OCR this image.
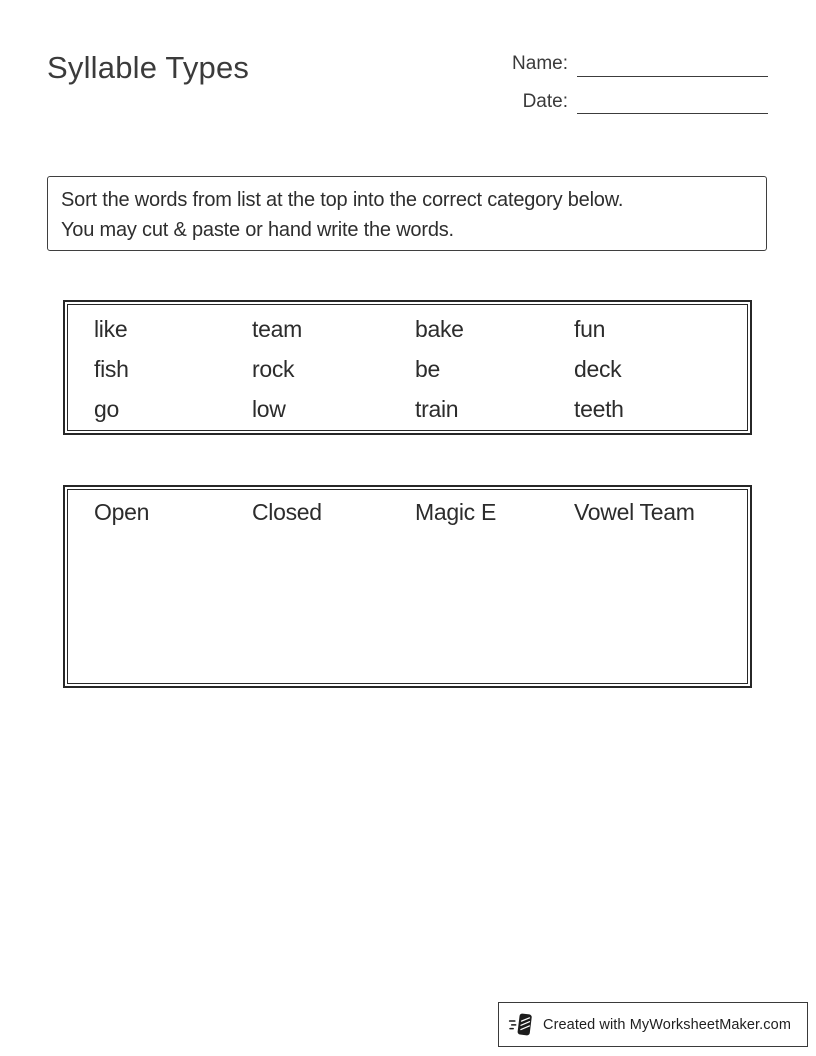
Syllable Types	Name:
Date:
Sort the words from list at the top into the correct category below.
You may cut & paste or hand write the words.
like	team	bake	fun
fish	rock	be	deck
go	low	train	teeth
Open	Closed	Magic E	Vowel Team
Created with MyWorksheetMaker.com
